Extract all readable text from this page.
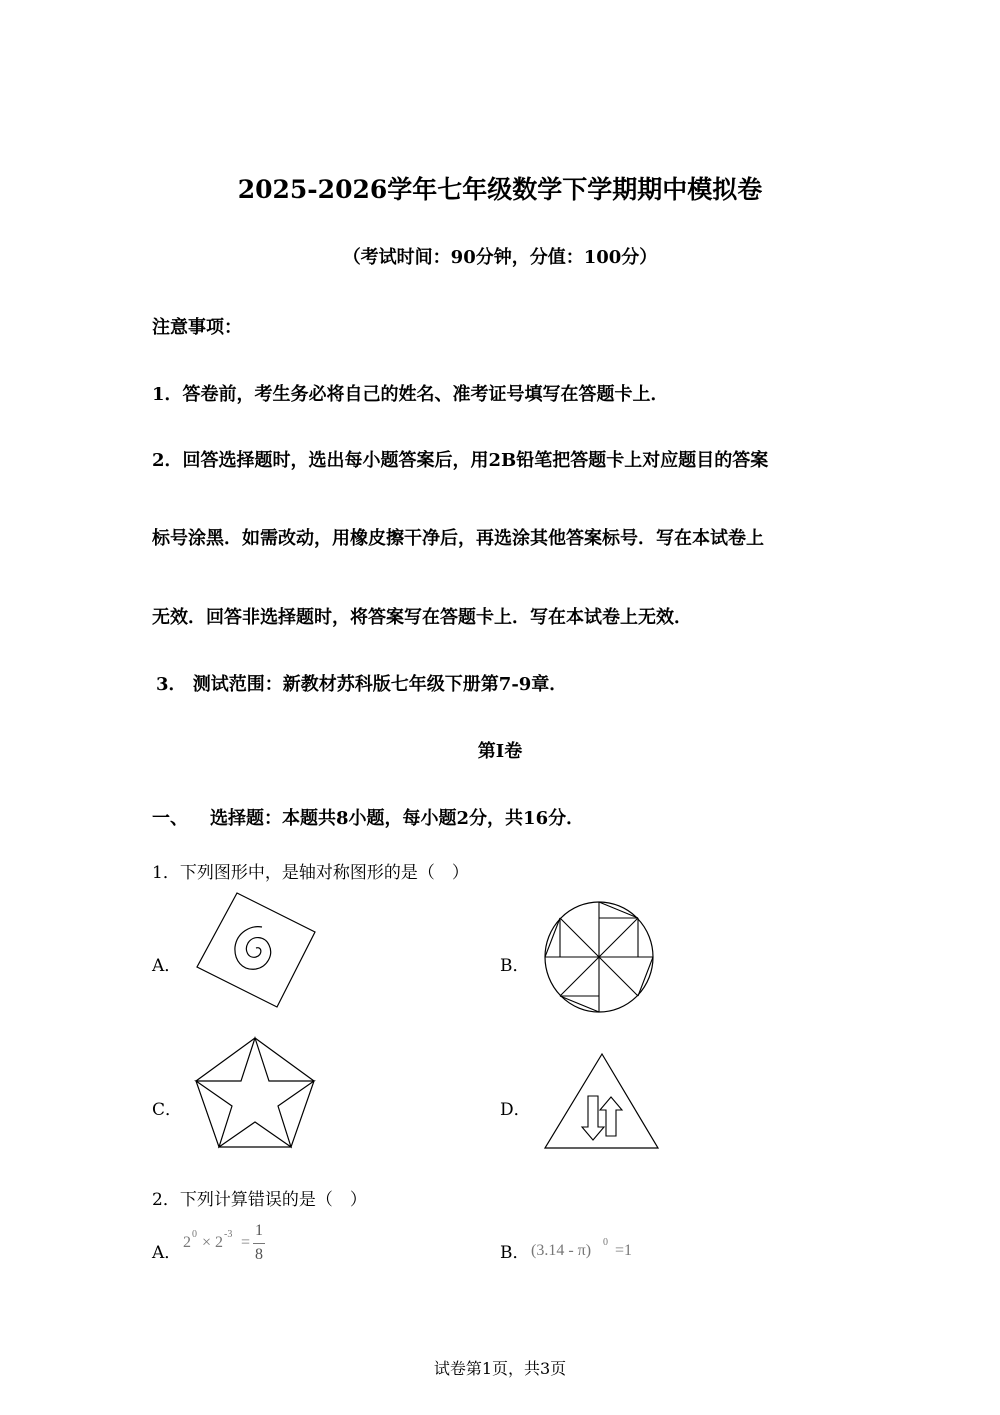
2025-2026学年七年级数学下学期期中模拟卷
（考试时间：90分钟，分值：100分）
注意事项：
1．答卷前，考生务必将自己的姓名、准考证号填写在答题卡上．
2．回答选择题时，选出每小题答案后，用2B铅笔把答题卡上对应题目的答案
标号涂黑．如需改动，用橡皮擦干净后，再选涂其他答案标号．写在本试卷上
无效．回答非选择题时，将答案写在答题卡上．写在本试卷上无效．
3． 测试范围：新教材苏科版七年级下册第7-9章．
第Ⅰ卷
一、 选择题：本题共8小题，每小题2分，共16分．
1．下列图形中，是轴对称图形的是（　）
A．	B．
C．	D．
2．下列计算错误的是（　）
A．
2 0 × 2 -3 =
1
8	B． (3.14 - π) 0 =1
试卷第1页，共3页
